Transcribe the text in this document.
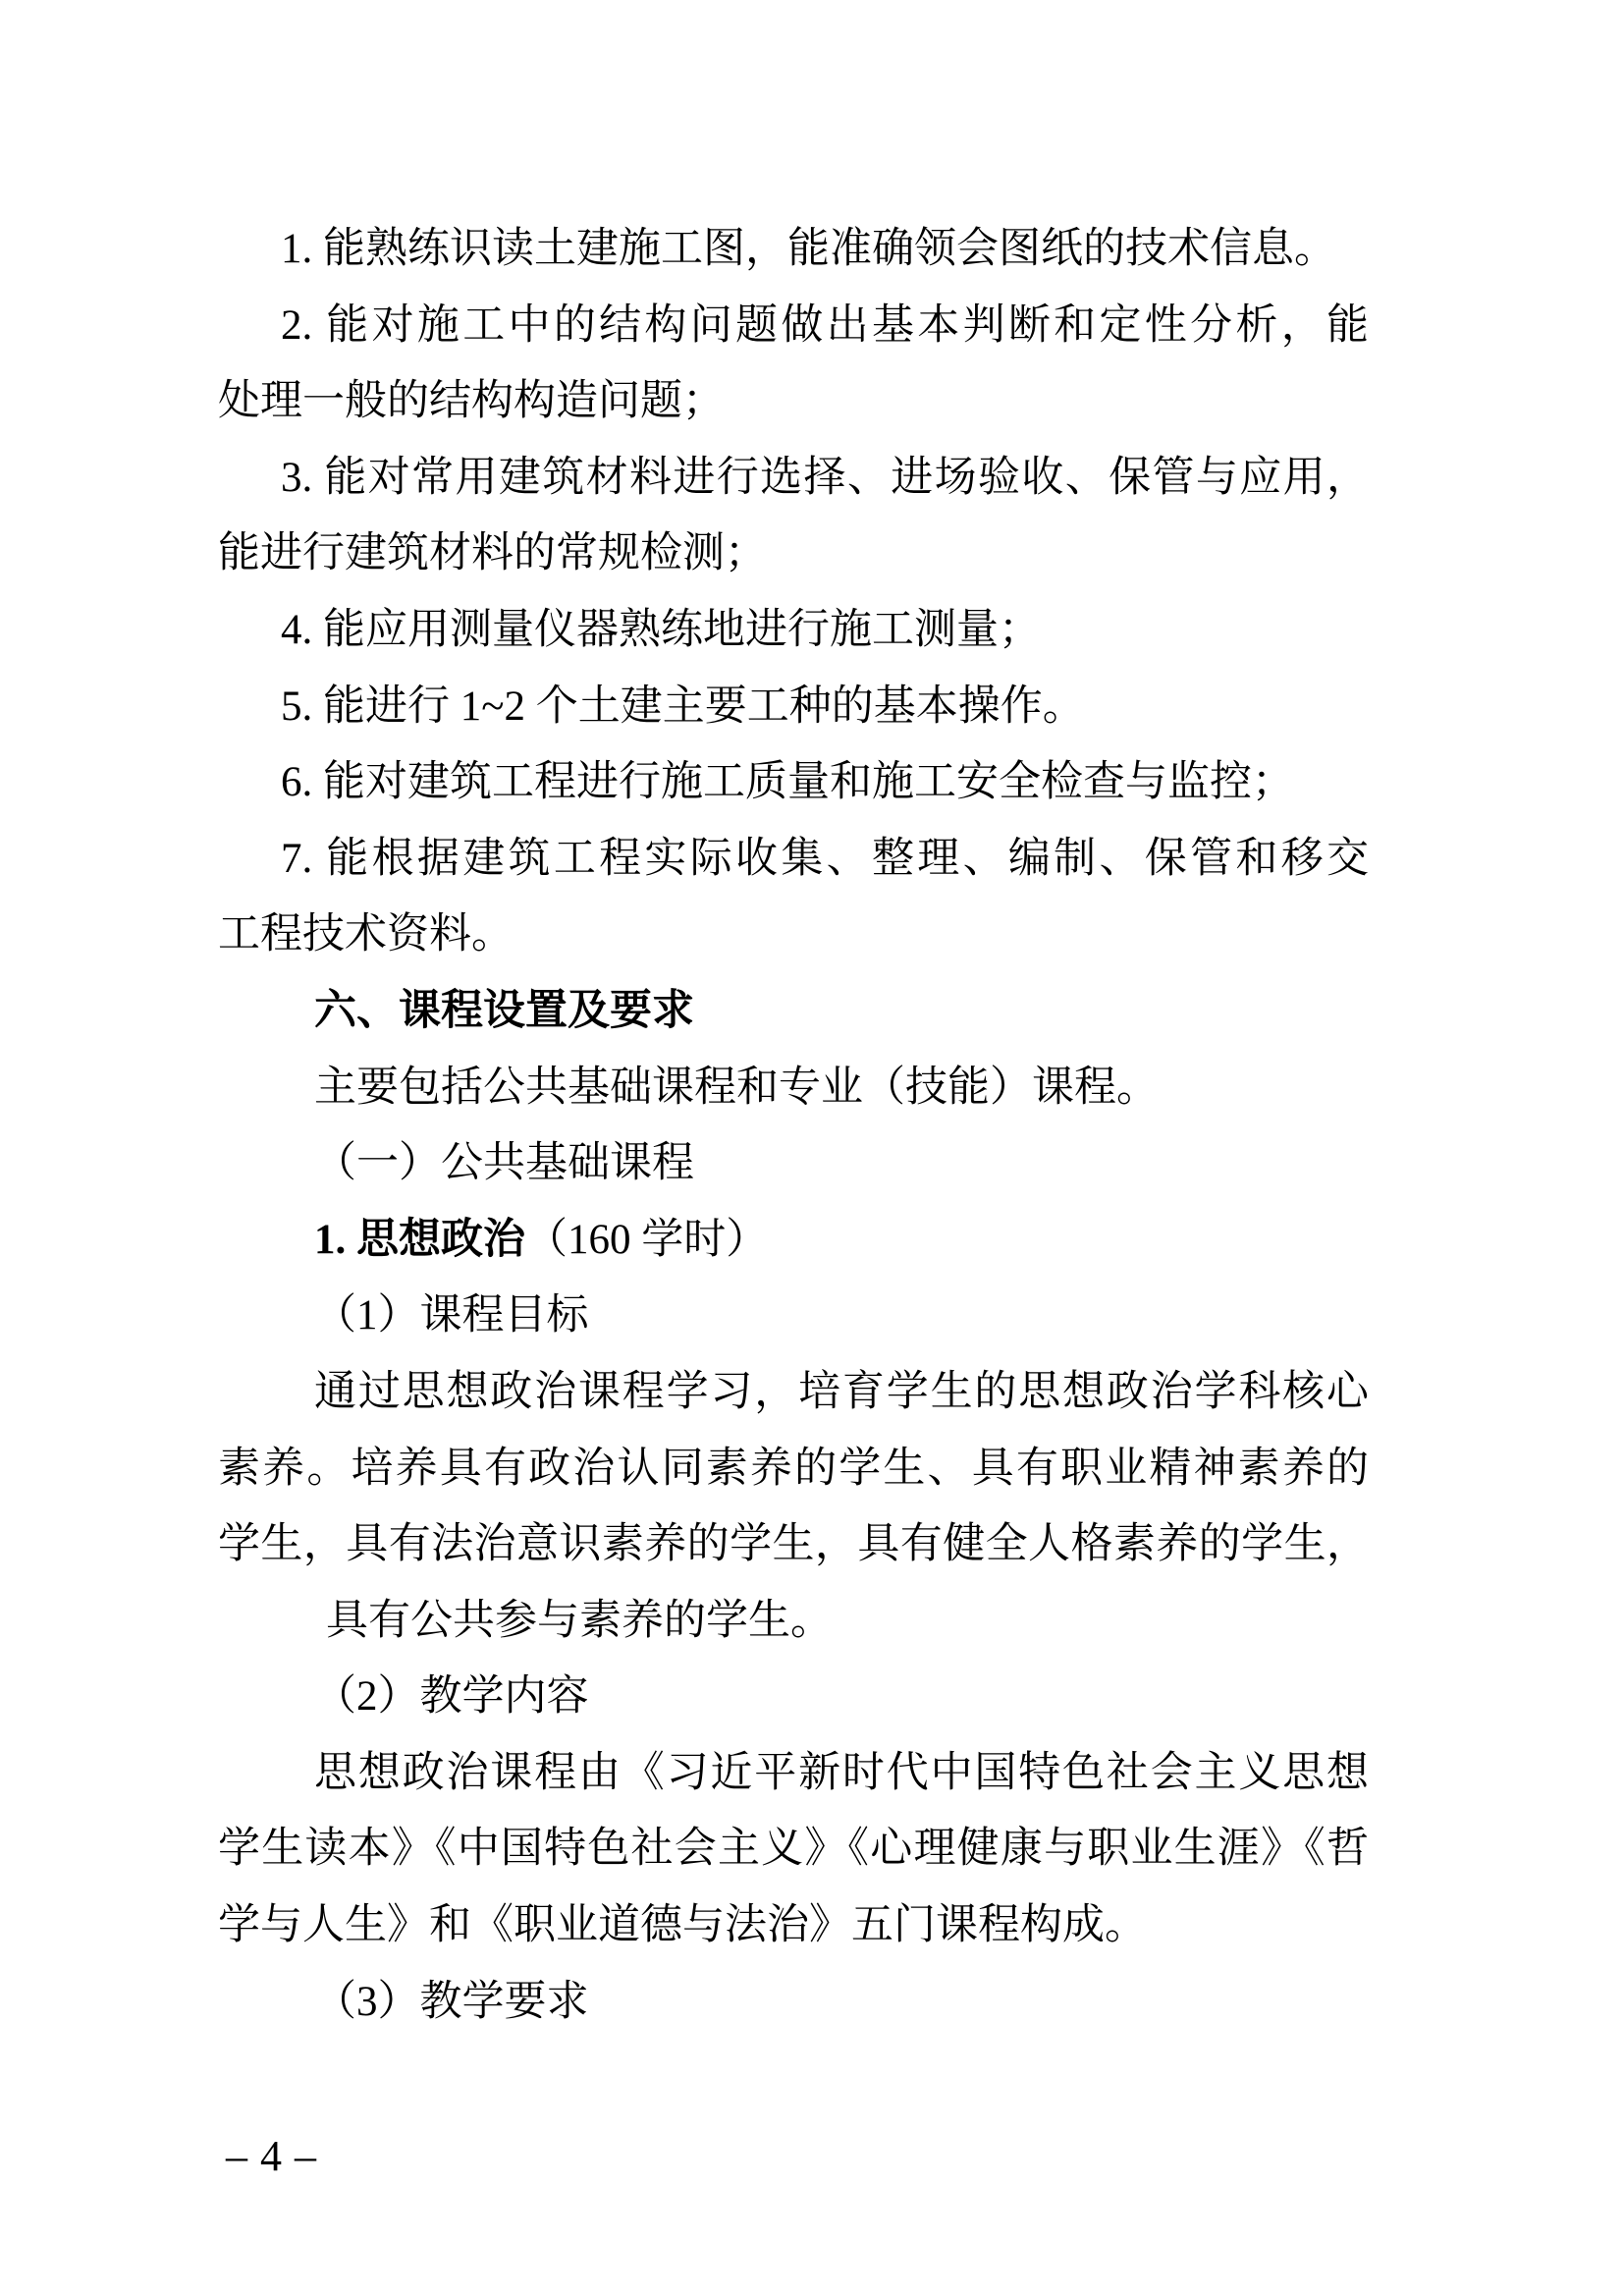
1. 能熟练识读土建施工图，能准确领会图纸的技术信息。
2. 能对施工中的结构问题做出基本判断和定性分析，能
处理一般的结构构造问题；
3. 能对常用建筑材料进行选择、进场验收、保管与应用，
能进行建筑材料的常规检测；
4. 能应用测量仪器熟练地进行施工测量；
5. 能进行 1~2 个土建主要工种的基本操作。
6. 能对建筑工程进行施工质量和施工安全检查与监控；
7. 能根据建筑工程实际收集、整理、编制、保管和移交
工程技术资料。
六、课程设置及要求
主要包括公共基础课程和专业（技能）课程。
（一）公共基础课程
1. 思想政治（160 学时）
（1）课程目标
通过思想政治课程学习，培育学生的思想政治学科核心
素养。培养具有政治认同素养的学生、具有职业精神素养的
学生，具有法治意识素养的学生，具有健全人格素养的学生，
具有公共参与素养的学生。
（2）教学内容
思想政治课程由《习近平新时代中国特色社会主义思想
学生读本》《中国特色社会主义》《心理健康与职业生涯》《哲
学与人生》和《职业道德与法治》五门课程构成。
（3）教学要求
– 4 –
